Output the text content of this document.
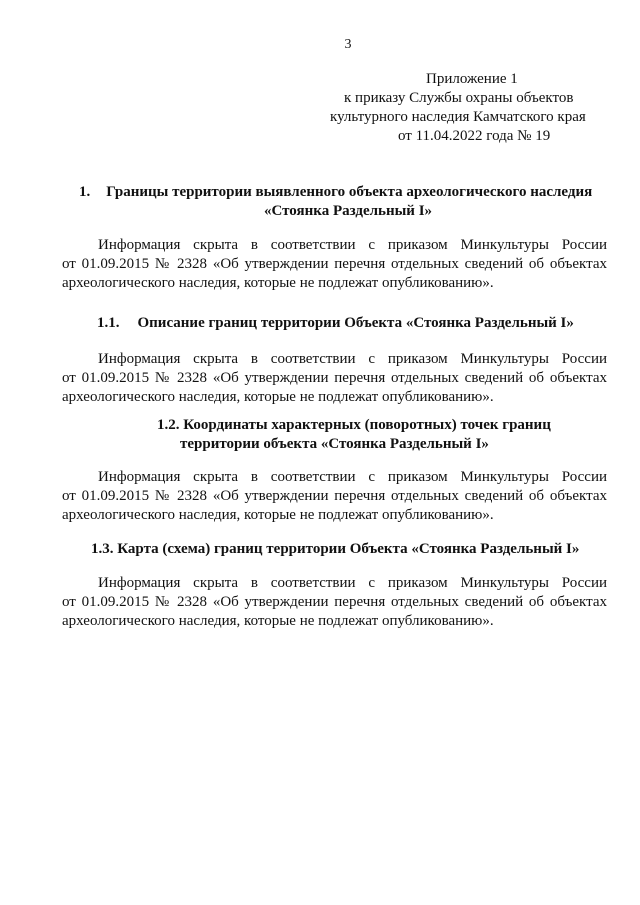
3
Приложение 1
к приказу Службы охраны объектов
культурного наследия Камчатского края
от 11.04.2022 года № 19
1. Границы территории выявленного объекта археологического наследия
«Стоянка Раздельный I»
Информация скрыта в соответствии с приказом Минкультуры России
от 01.09.2015 № 2328 «Об утверждении перечня отдельных сведений об объектах
археологического наследия, которые не подлежат опубликованию».
1.1. Описание границ территории Объекта «Стоянка Раздельный I»
Информация скрыта в соответствии с приказом Минкультуры России
от 01.09.2015 № 2328 «Об утверждении перечня отдельных сведений об объектах
археологического наследия, которые не подлежат опубликованию».
1.2. Координаты характерных (поворотных) точек границ
территории объекта «Стоянка Раздельный I»
Информация скрыта в соответствии с приказом Минкультуры России
от 01.09.2015 № 2328 «Об утверждении перечня отдельных сведений об объектах
археологического наследия, которые не подлежат опубликованию».
1.3. Карта (схема) границ территории Объекта «Стоянка Раздельный I»
Информация скрыта в соответствии с приказом Минкультуры России
от 01.09.2015 № 2328 «Об утверждении перечня отдельных сведений об объектах
археологического наследия, которые не подлежат опубликованию».
